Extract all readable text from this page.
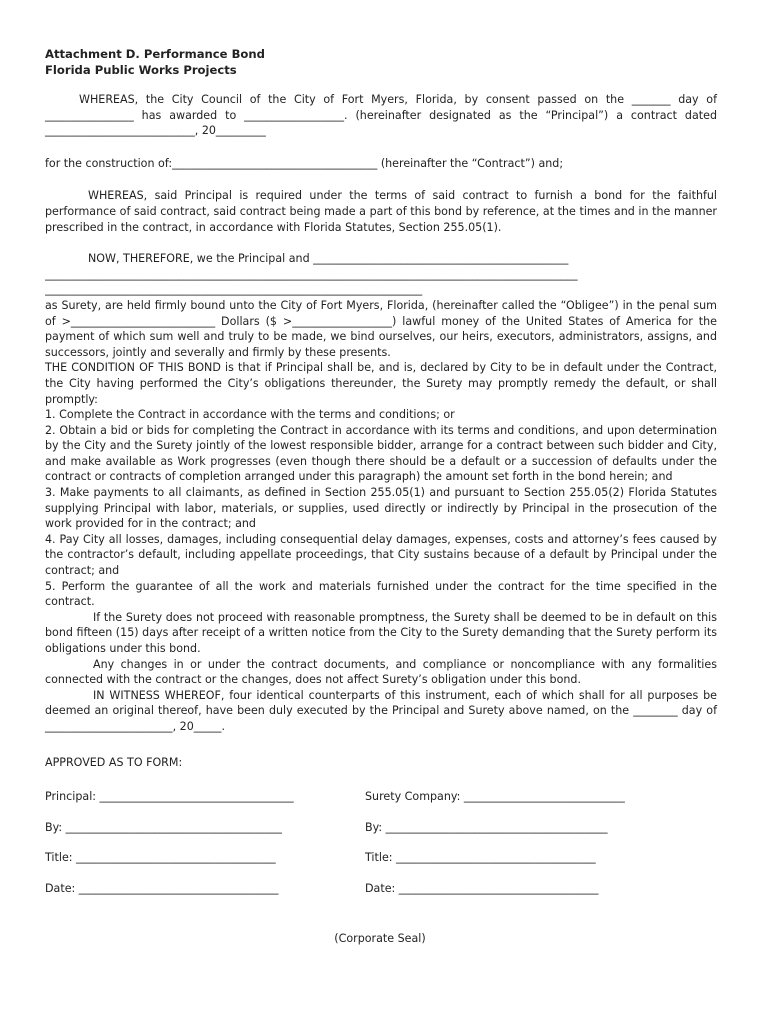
Attachment D. Performance Bond
Florida Public Works Projects

WHEREAS, the City Council of the City of Fort Myers, Florida, by consent passed on the _______ day of ________________ has awarded to __________________. (hereinafter designated as the “Principal”) a contract dated ___________________________, 20_________

for the construction of:_____________________________________ (hereinafter the “Contract”) and;

WHEREAS, said Principal is required under the terms of said contract to furnish a bond for the faithful performance of said contract, said contract being made a part of this bond by reference, at the times and in the manner prescribed in the contract, in accordance with Florida Statutes, Section 255.05(1).

NOW, THEREFORE, we the Principal and ______________________________________________

________________________________________________________________________________________________
____________________________________________________________________

as Surety, are held firmly bound unto the City of Fort Myers, Florida, (hereinafter called the “Obligee”) in the penal sum of >__________________________ Dollars ($ >__________________) lawful money of the United States of America for the payment of which sum well and truly to be made, we bind ourselves, our heirs, executors, administrators, assigns, and successors, jointly and severally and firmly by these presents.

THE CONDITION OF THIS BOND is that if Principal shall be, and is, declared by City to be in default under the Contract, the City having performed the City’s obligations thereunder, the Surety may promptly remedy the default, or shall promptly:

1. Complete the Contract in accordance with the terms and conditions; or

2. Obtain a bid or bids for completing the Contract in accordance with its terms and conditions, and upon determination by the City and the Surety jointly of the lowest responsible bidder, arrange for a contract between such bidder and City, and make available as Work progresses (even though there should be a default or a succession of defaults under the contract or contracts of completion arranged under this paragraph) the amount set forth in the bond herein; and

3. Make payments to all claimants, as defined in Section 255.05(1) and pursuant to Section 255.05(2) Florida Statutes supplying Principal with labor, materials, or supplies, used directly or indirectly by Principal in the prosecution of the work provided for in the contract; and

4. Pay City all losses, damages, including consequential delay damages, expenses, costs and attorney’s fees caused by the contractor’s default, including appellate proceedings, that City sustains because of a default by Principal under the contract; and

5. Perform the guarantee of all the work and materials furnished under the contract for the time specified in the contract.

If the Surety does not proceed with reasonable promptness, the Surety shall be deemed to be in default on this bond fifteen (15) days after receipt of a written notice from the City to the Surety demanding that the Surety perform its obligations under this bond.

Any changes in or under the contract documents, and compliance or noncompliance with any formalities connected with the contract or the changes, does not affect Surety’s obligation under this bond.

IN WITNESS WHEREOF, four identical counterparts of this instrument, each of which shall for all purposes be deemed an original thereof, have been duly executed by the Principal and Surety above named, on the ________ day of _______________________, 20_____.

APPROVED AS TO FORM:

Principal: ___________________________________	Surety Company: _____________________________
By: _______________________________________	By: ________________________________________
Title: ____________________________________	Title: ____________________________________
Date: ____________________________________	Date: ____________________________________
(Corporate Seal)
